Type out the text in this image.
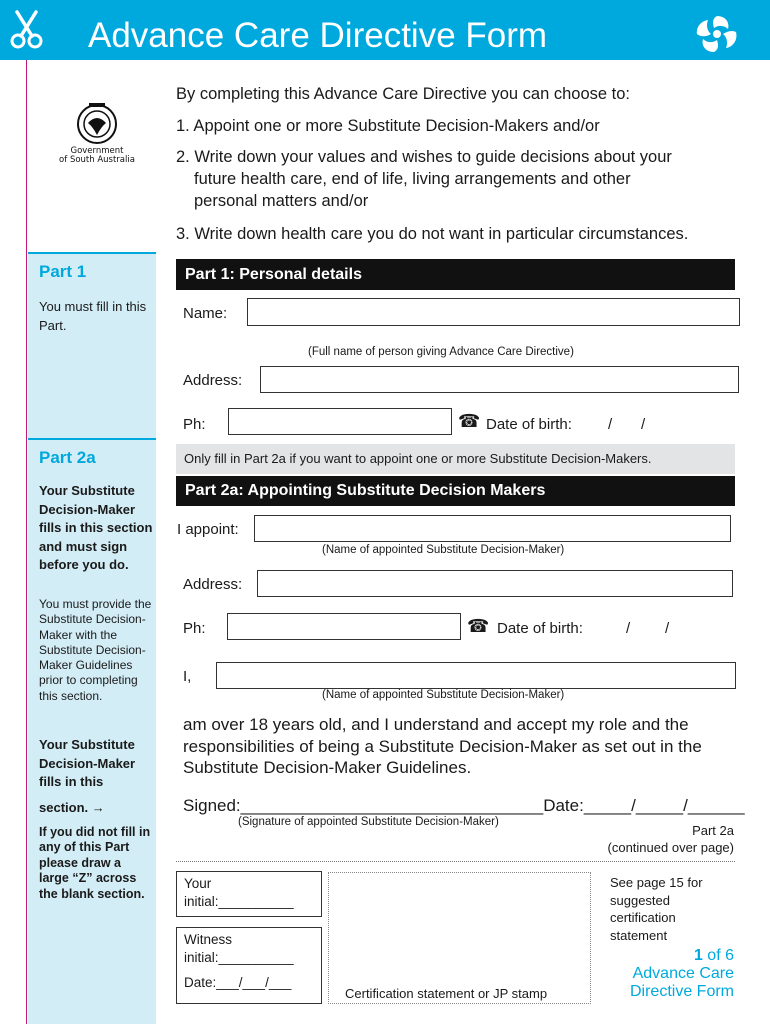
Advance Care Directive Form
Government
of South Australia
By completing this Advance Care Directive you can choose to:
1. Appoint one or more Substitute Decision-Makers and/or
2. Write down your values and wishes to guide decisions about your
future health care, end of life, living arrangements and other
personal matters and/or
3. Write down health care you do not want in particular circumstances.
Part 1
You must fill in this Part.
Part 2a
Your Substitute Decision-Maker fills in this section and must sign before you do.
You must provide the Substitute Decision-Maker with the Substitute Decision-Maker Guidelines prior to completing this section.
Your Substitute Decision-Maker fills in this
section. →
If you did not fill in any of this Part please draw a large “Z” across the blank section.
Part 1: Personal details
Name:
(Full name of person giving Advance Care Directive)
Address:
Ph:	☎ Date of birth: / /
Only fill in Part 2a if you want to appoint one or more Substitute Decision-Makers.
Part 2a: Appointing Substitute Decision Makers
I appoint:
(Name of appointed Substitute Decision-Maker)
Address:
Ph:	☎ Date of birth:	/ /
I,
(Name of appointed Substitute Decision-Maker)
am over 18 years old, and I understand and accept my role and the responsibilities of being a Substitute Decision-Maker as set out in the Substitute Decision-Maker Guidelines.
Signed:________________________________Date:_____/_____/______
(Signature of appointed Substitute Decision-Maker)
Part 2a
(continued over page)
Your
initial:__________
Witness
initial:__________
Date:___/___/___
Certification statement or JP stamp
See page 15 for suggested certification statement
1 of 6
Advance Care
Directive Form
